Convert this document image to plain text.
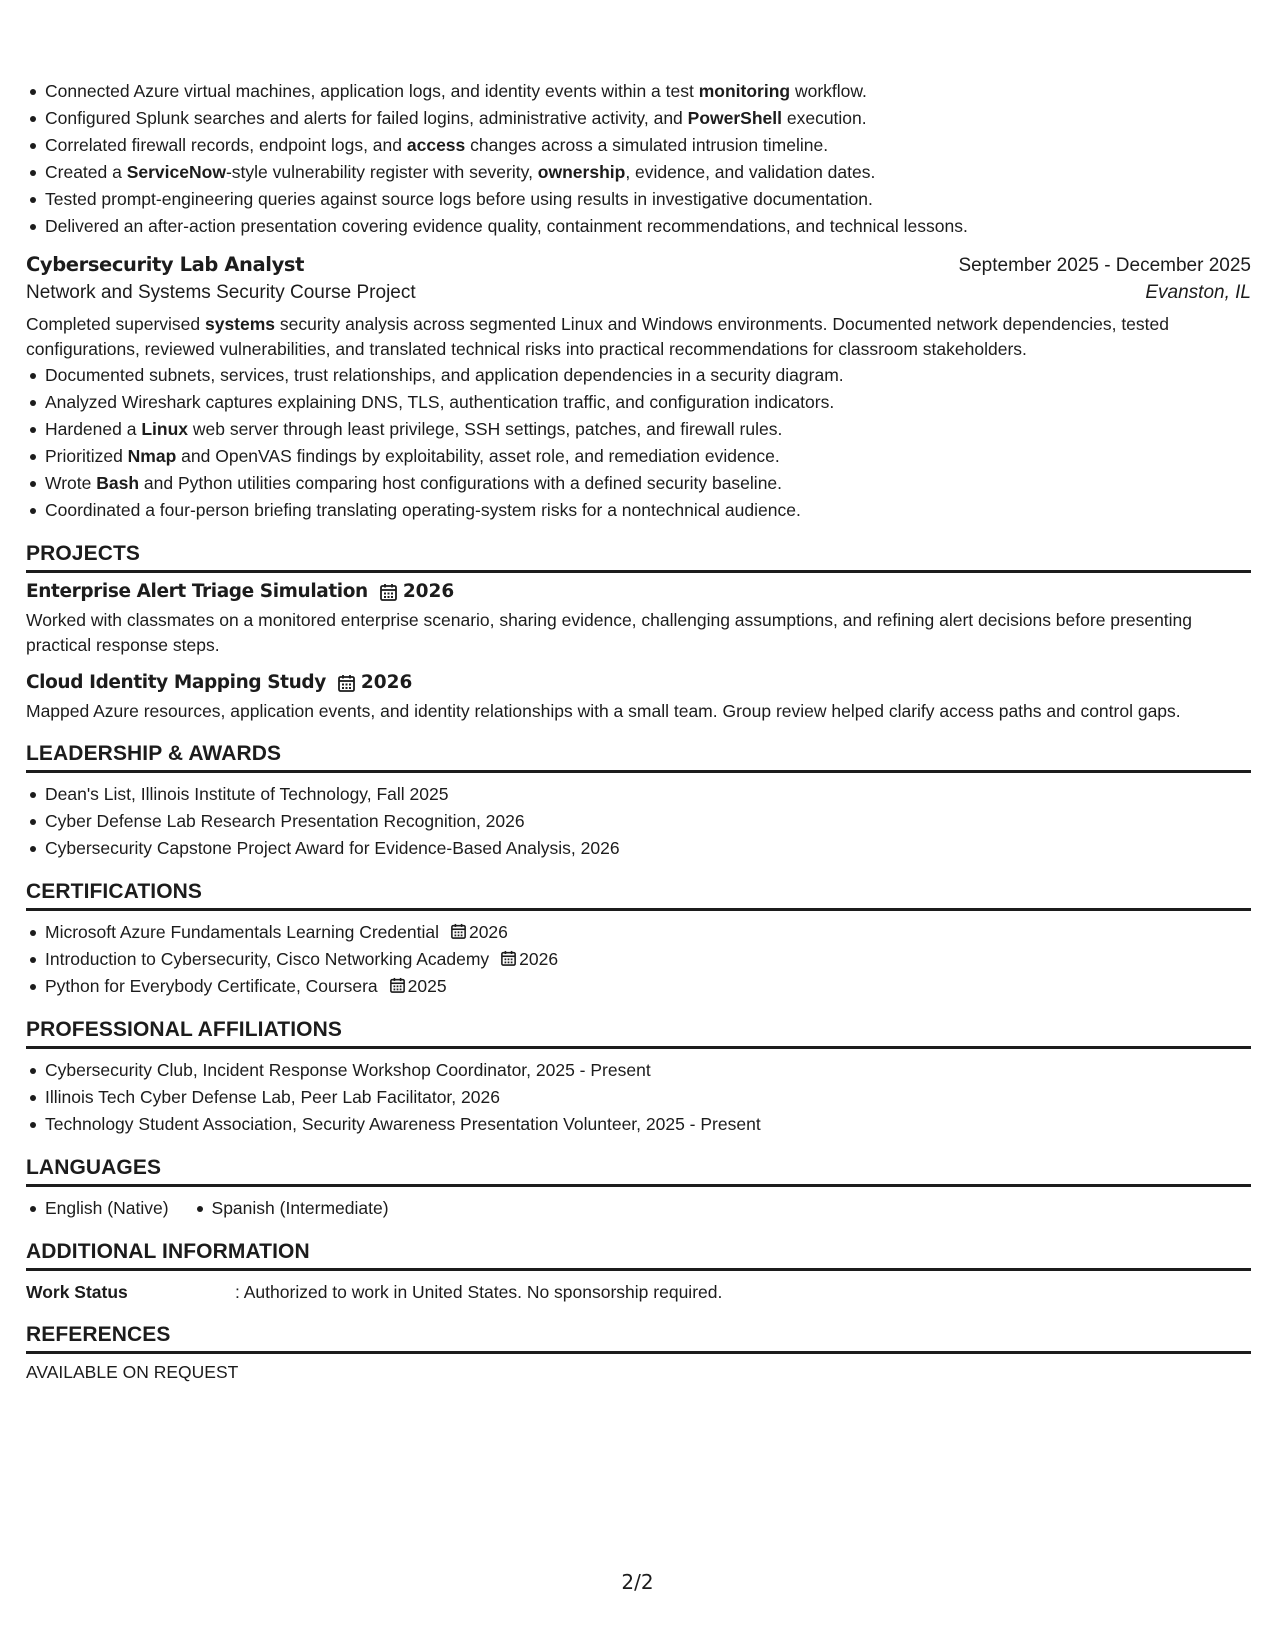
Connected Azure virtual machines, application logs, and identity events within a test monitoring workflow.
Configured Splunk searches and alerts for failed logins, administrative activity, and PowerShell execution.
Correlated firewall records, endpoint logs, and access changes across a simulated intrusion timeline.
Created a ServiceNow-style vulnerability register with severity, ownership, evidence, and validation dates.
Tested prompt-engineering queries against source logs before using results in investigative documentation.
Delivered an after-action presentation covering evidence quality, containment recommendations, and technical lessons.
Cybersecurity Lab Analyst	September 2025 - December 2025
Network and Systems Security Course Project	Evanston, IL

Completed supervised systems security analysis across segmented Linux and Windows environments. Documented network dependencies, tested configurations, reviewed vulnerabilities, and translated technical risks into practical recommendations for classroom stakeholders.

Documented subnets, services, trust relationships, and application dependencies in a security diagram.
Analyzed Wireshark captures explaining DNS, TLS, authentication traffic, and configuration indicators.
Hardened a Linux web server through least privilege, SSH settings, patches, and firewall rules.
Prioritized Nmap and OpenVAS findings by exploitability, asset role, and remediation evidence.
Wrote Bash and Python utilities comparing host configurations with a defined security baseline.
Coordinated a four-person briefing translating operating-system risks for a nontechnical audience.
PROJECTS
Enterprise Alert Triage Simulation 2026

Worked with classmates on a monitored enterprise scenario, sharing evidence, challenging assumptions, and refining alert decisions before presenting practical response steps.

Cloud Identity Mapping Study 2026

Mapped Azure resources, application events, and identity relationships with a small team. Group review helped clarify access paths and control gaps.

LEADERSHIP & AWARDS
Dean's List, Illinois Institute of Technology, Fall 2025
Cyber Defense Lab Research Presentation Recognition, 2026
Cybersecurity Capstone Project Award for Evidence-Based Analysis, 2026
CERTIFICATIONS
Microsoft Azure Fundamentals Learning Credential 2026
Introduction to Cybersecurity, Cisco Networking Academy 2026
Python for Everybody Certificate, Coursera 2025
PROFESSIONAL AFFILIATIONS
Cybersecurity Club, Incident Response Workshop Coordinator, 2025 - Present
Illinois Tech Cyber Defense Lab, Peer Lab Facilitator, 2026
Technology Student Association, Security Awareness Presentation Volunteer, 2025 - Present
LANGUAGES
English (Native)	Spanish (Intermediate)
ADDITIONAL INFORMATION
Work Status	: Authorized to work in United States. No sponsorship required.
REFERENCES
AVAILABLE ON REQUEST
2/2
